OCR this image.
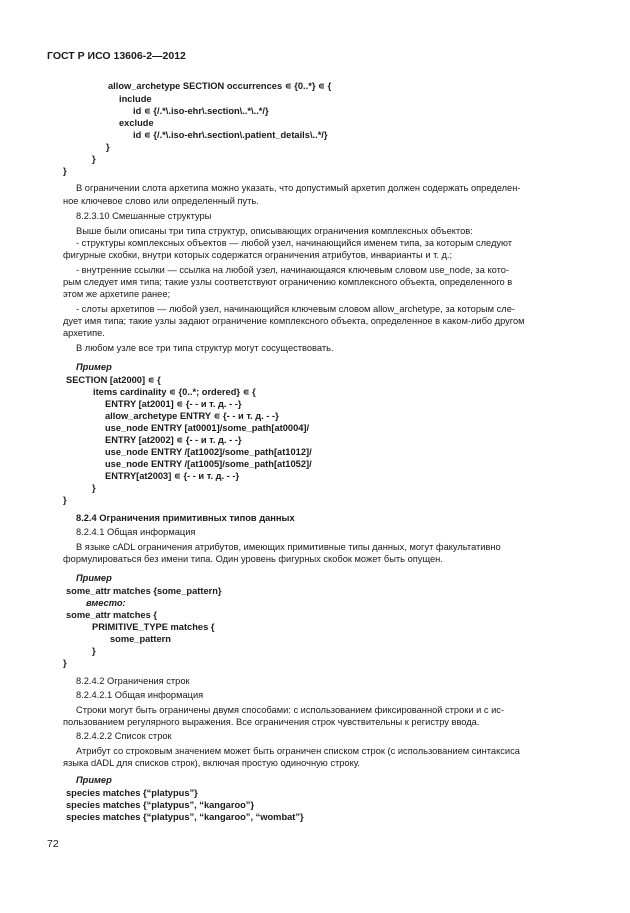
ГОСТ Р ИСО 13606-2—2012
allow_archetype SECTION occurrences ∊ {0..*} ∊ {
include
id ∊ {/.*\.iso-ehr\.section\..*\..*/}
exclude
id ∊ {/.*\.iso-ehr\.section\.patient_details\..*/}
}
}
}
В ограничении слота архетипа можно указать, что допустимый архетип должен содержать определен-
ное ключевое слово или определенный путь.
8.2.3.10 Смешанные структуры
Выше были описаны три типа структур, описывающих ограничения комплексных объектов:
- структуры комплексных объектов — любой узел, начинающийся именем типа, за которым следуют
фигурные скобки, внутри которых содержатся ограничения атрибутов, инварианты и т. д.;
- внутренние ссылки — ссылка на любой узел, начинающаяся ключевым словом use_node, за кото-
рым следует имя типа; такие узлы соответствуют ограничению комплексного объекта, определенного в
этом же архетипе ранее;
- слоты архетипов — любой узел, начинающийся ключевым словом allow_archetype, за которым сле-
дует имя типа; такие узлы задают ограничение комплексного объекта, определенное в каком-либо другом
архетипе.
В любом узле все три типа структур могут сосуществовать.
Пример
SECTION [at2000] ∊ {
items cardinality ∊ {0..*; ordered} ∊ {
ENTRY [at2001] ∊ {- - и т. д. - -}
allow_archetype ENTRY ∊ {- - и т. д. - -}
use_node ENTRY [at0001]/some_path[at0004]/
ENTRY [at2002] ∊ {- - и т. д. - -}
use_node ENTRY /[at1002]/some_path[at1012]/
use_node ENTRY /[at1005]/some_path[at1052]/
ENTRY[at2003] ∊ {- - и т. д. - -}
}
}
8.2.4 Ограничения примитивных типов данных
8.2.4.1 Общая информация
В языке cADL ограничения атрибутов, имеющих примитивные типы данных, могут факультативно
формулироваться без имени типа. Один уровень фигурных скобок может быть опущен.
Пример
some_attr matches {some_pattern}
вместо:
some_attr matches {
PRIMITIVE_TYPE matches {
some_pattern
}
}
8.2.4.2 Ограничения строк
8.2.4.2.1 Общая информация
Строки могут быть ограничены двумя способами: с использованием фиксированной строки и с ис-
пользованием регулярного выражения. Все ограничения строк чувствительны к регистру ввода.
8.2.4.2.2 Список строк
Атрибут со строковым значением может быть ограничен списком строк (с использованием синтаксиса
языка dADL для списков строк), включая простую одиночную строку.
Пример
species matches {“platypus”}
species matches {“platypus”, “kangaroo”}
species matches {“platypus”, “kangaroo”, “wombat”}
72
